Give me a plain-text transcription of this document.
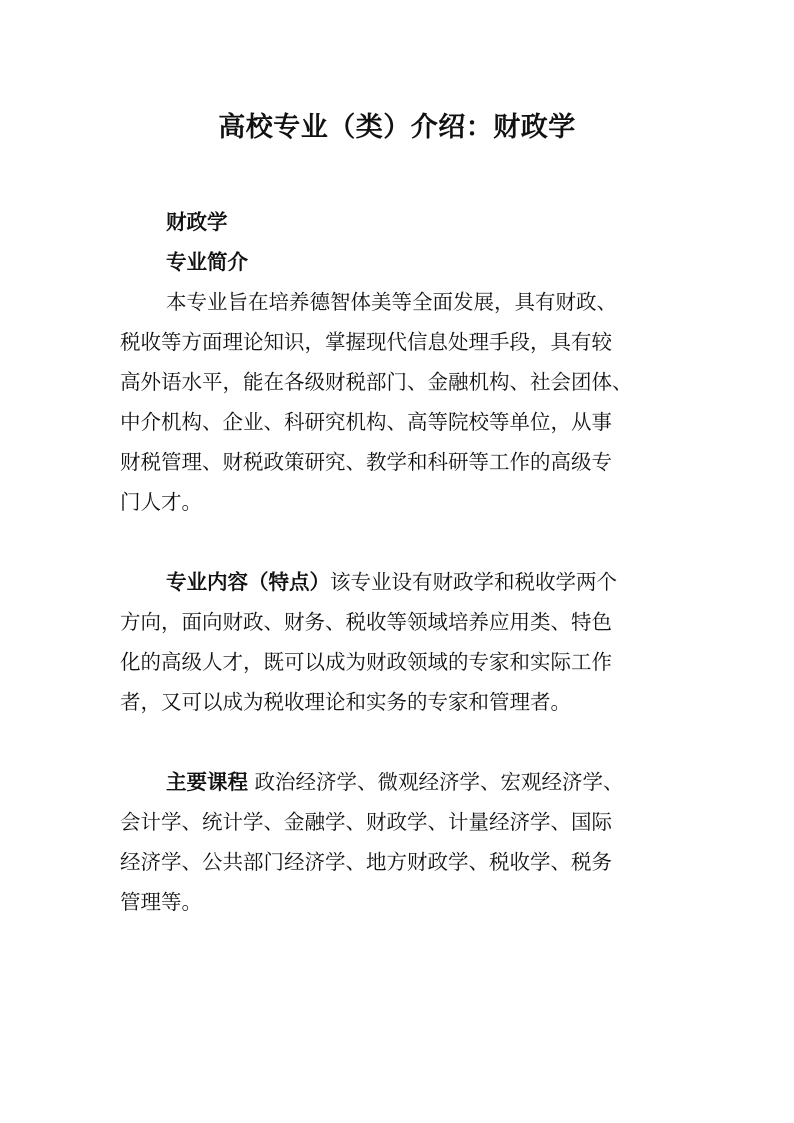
高校专业（类）介绍：财政学
财政学
专业简介
本专业旨在培养德智体美等全面发展，具有财政、
税收等方面理论知识，掌握现代信息处理手段，具有较
高外语水平，能在各级财税部门、金融机构、社会团体、
中介机构、企业、科研究机构、高等院校等单位，从事
财税管理、财税政策研究、教学和科研等工作的高级专
门人才。
专业内容（特点）该专业设有财政学和税收学两个
方向，面向财政、财务、税收等领域培养应用类、特色
化的高级人才，既可以成为财政领域的专家和实际工作
者，又可以成为税收理论和实务的专家和管理者。
主要课程 政治经济学、微观经济学、宏观经济学、
会计学、统计学、金融学、财政学、计量经济学、国际
经济学、公共部门经济学、地方财政学、税收学、税务
管理等。
